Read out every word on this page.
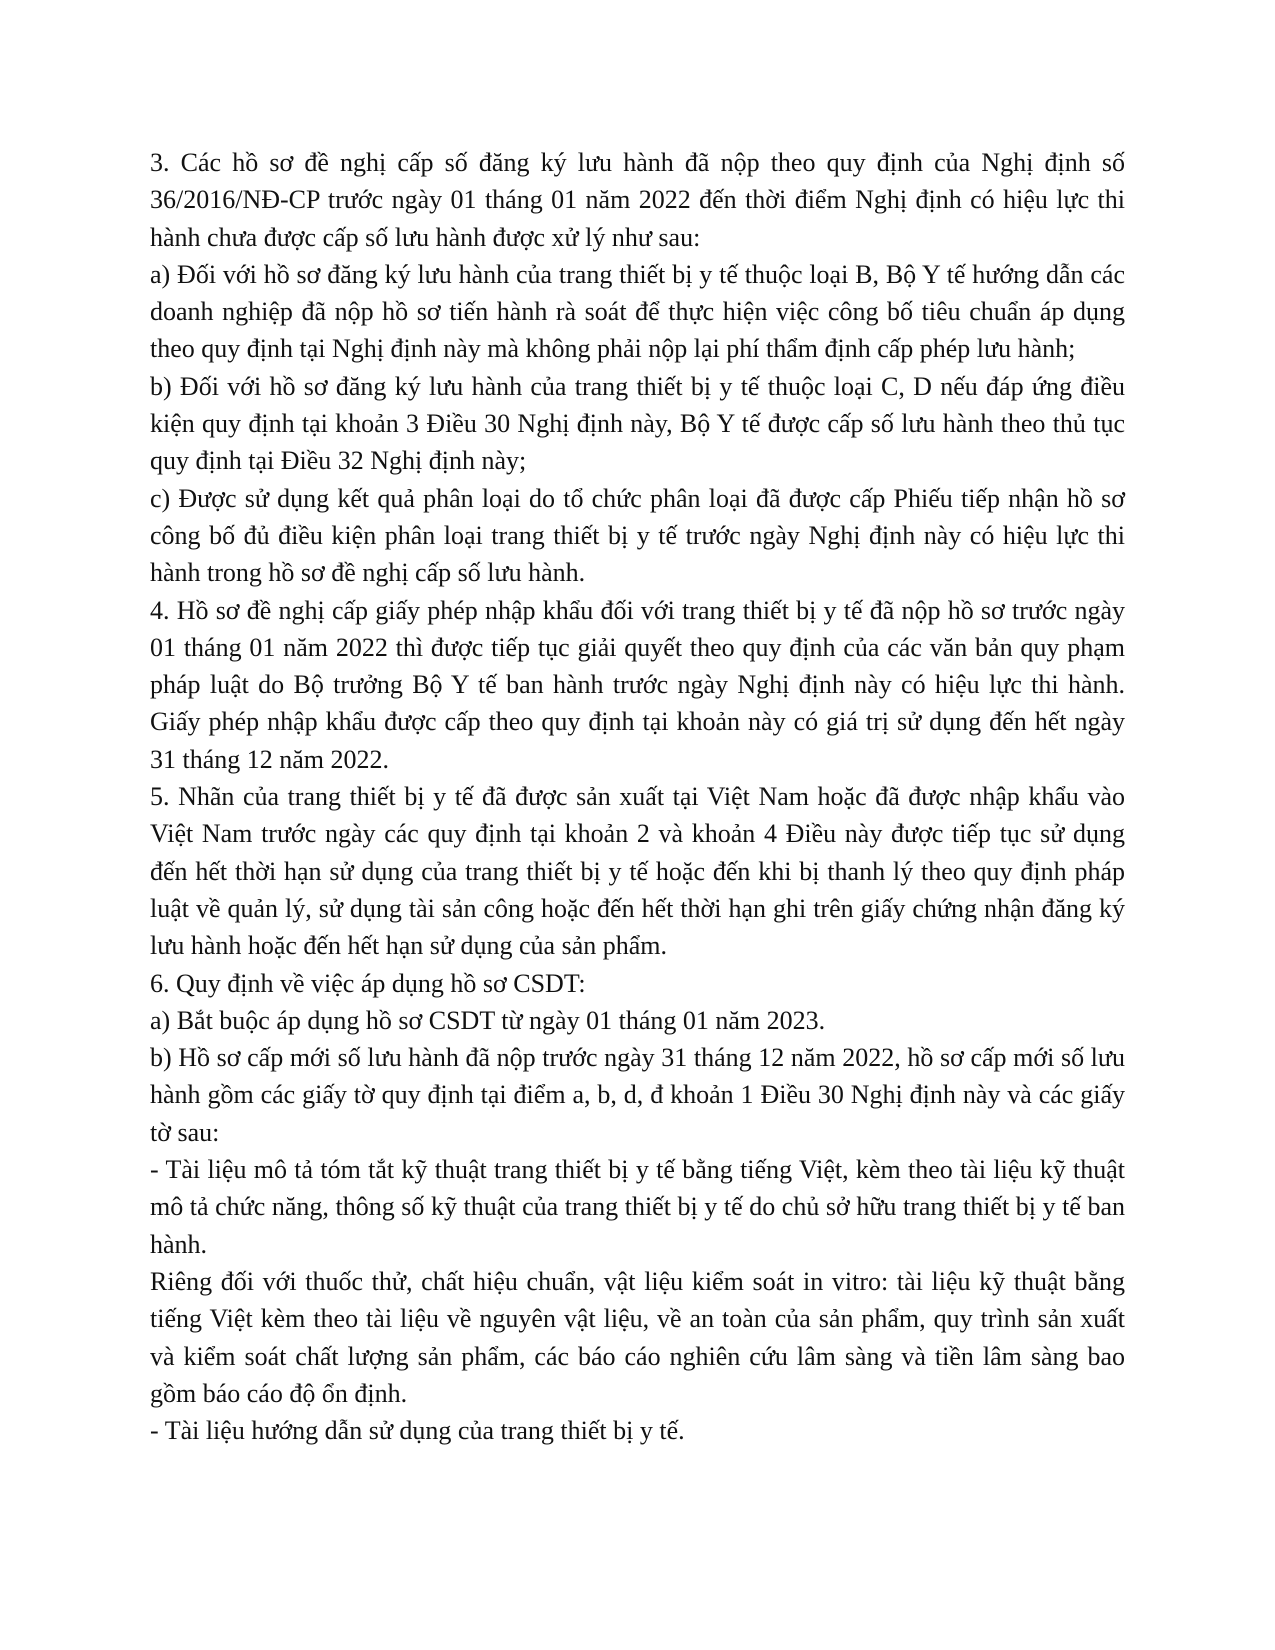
3. Các hồ sơ đề nghị cấp số đăng ký lưu hành đã nộp theo quy định của Nghị định số 36/2016/NĐ-CP trước ngày 01 tháng 01 năm 2022 đến thời điểm Nghị định có hiệu lực thi hành chưa được cấp số lưu hành được xử lý như sau:

a) Đối với hồ sơ đăng ký lưu hành của trang thiết bị y tế thuộc loại B, Bộ Y tế hướng dẫn các doanh nghiệp đã nộp hồ sơ tiến hành rà soát để thực hiện việc công bố tiêu chuẩn áp dụng theo quy định tại Nghị định này mà không phải nộp lại phí thẩm định cấp phép lưu hành;

b) Đối với hồ sơ đăng ký lưu hành của trang thiết bị y tế thuộc loại C, D nếu đáp ứng điều kiện quy định tại khoản 3 Điều 30 Nghị định này, Bộ Y tế được cấp số lưu hành theo thủ tục quy định tại Điều 32 Nghị định này;

c) Được sử dụng kết quả phân loại do tổ chức phân loại đã được cấp Phiếu tiếp nhận hồ sơ công bố đủ điều kiện phân loại trang thiết bị y tế trước ngày Nghị định này có hiệu lực thi hành trong hồ sơ đề nghị cấp số lưu hành.

4. Hồ sơ đề nghị cấp giấy phép nhập khẩu đối với trang thiết bị y tế đã nộp hồ sơ trước ngày 01 tháng 01 năm 2022 thì được tiếp tục giải quyết theo quy định của các văn bản quy phạm pháp luật do Bộ trưởng Bộ Y tế ban hành trước ngày Nghị định này có hiệu lực thi hành. Giấy phép nhập khẩu được cấp theo quy định tại khoản này có giá trị sử dụng đến hết ngày 31 tháng 12 năm 2022.

5. Nhãn của trang thiết bị y tế đã được sản xuất tại Việt Nam hoặc đã được nhập khẩu vào Việt Nam trước ngày các quy định tại khoản 2 và khoản 4 Điều này được tiếp tục sử dụng đến hết thời hạn sử dụng của trang thiết bị y tế hoặc đến khi bị thanh lý theo quy định pháp luật về quản lý, sử dụng tài sản công hoặc đến hết thời hạn ghi trên giấy chứng nhận đăng ký lưu hành hoặc đến hết hạn sử dụng của sản phẩm.

6. Quy định về việc áp dụng hồ sơ CSDT:

a) Bắt buộc áp dụng hồ sơ CSDT từ ngày 01 tháng 01 năm 2023.

b) Hồ sơ cấp mới số lưu hành đã nộp trước ngày 31 tháng 12 năm 2022, hồ sơ cấp mới số lưu hành gồm các giấy tờ quy định tại điểm a, b, d, đ khoản 1 Điều 30 Nghị định này và các giấy tờ sau:

- Tài liệu mô tả tóm tắt kỹ thuật trang thiết bị y tế bằng tiếng Việt, kèm theo tài liệu kỹ thuật mô tả chức năng, thông số kỹ thuật của trang thiết bị y tế do chủ sở hữu trang thiết bị y tế ban hành.

Riêng đối với thuốc thử, chất hiệu chuẩn, vật liệu kiểm soát in vitro: tài liệu kỹ thuật bằng tiếng Việt kèm theo tài liệu về nguyên vật liệu, về an toàn của sản phẩm, quy trình sản xuất và kiểm soát chất lượng sản phẩm, các báo cáo nghiên cứu lâm sàng và tiền lâm sàng bao gồm báo cáo độ ổn định.

- Tài liệu hướng dẫn sử dụng của trang thiết bị y tế.
